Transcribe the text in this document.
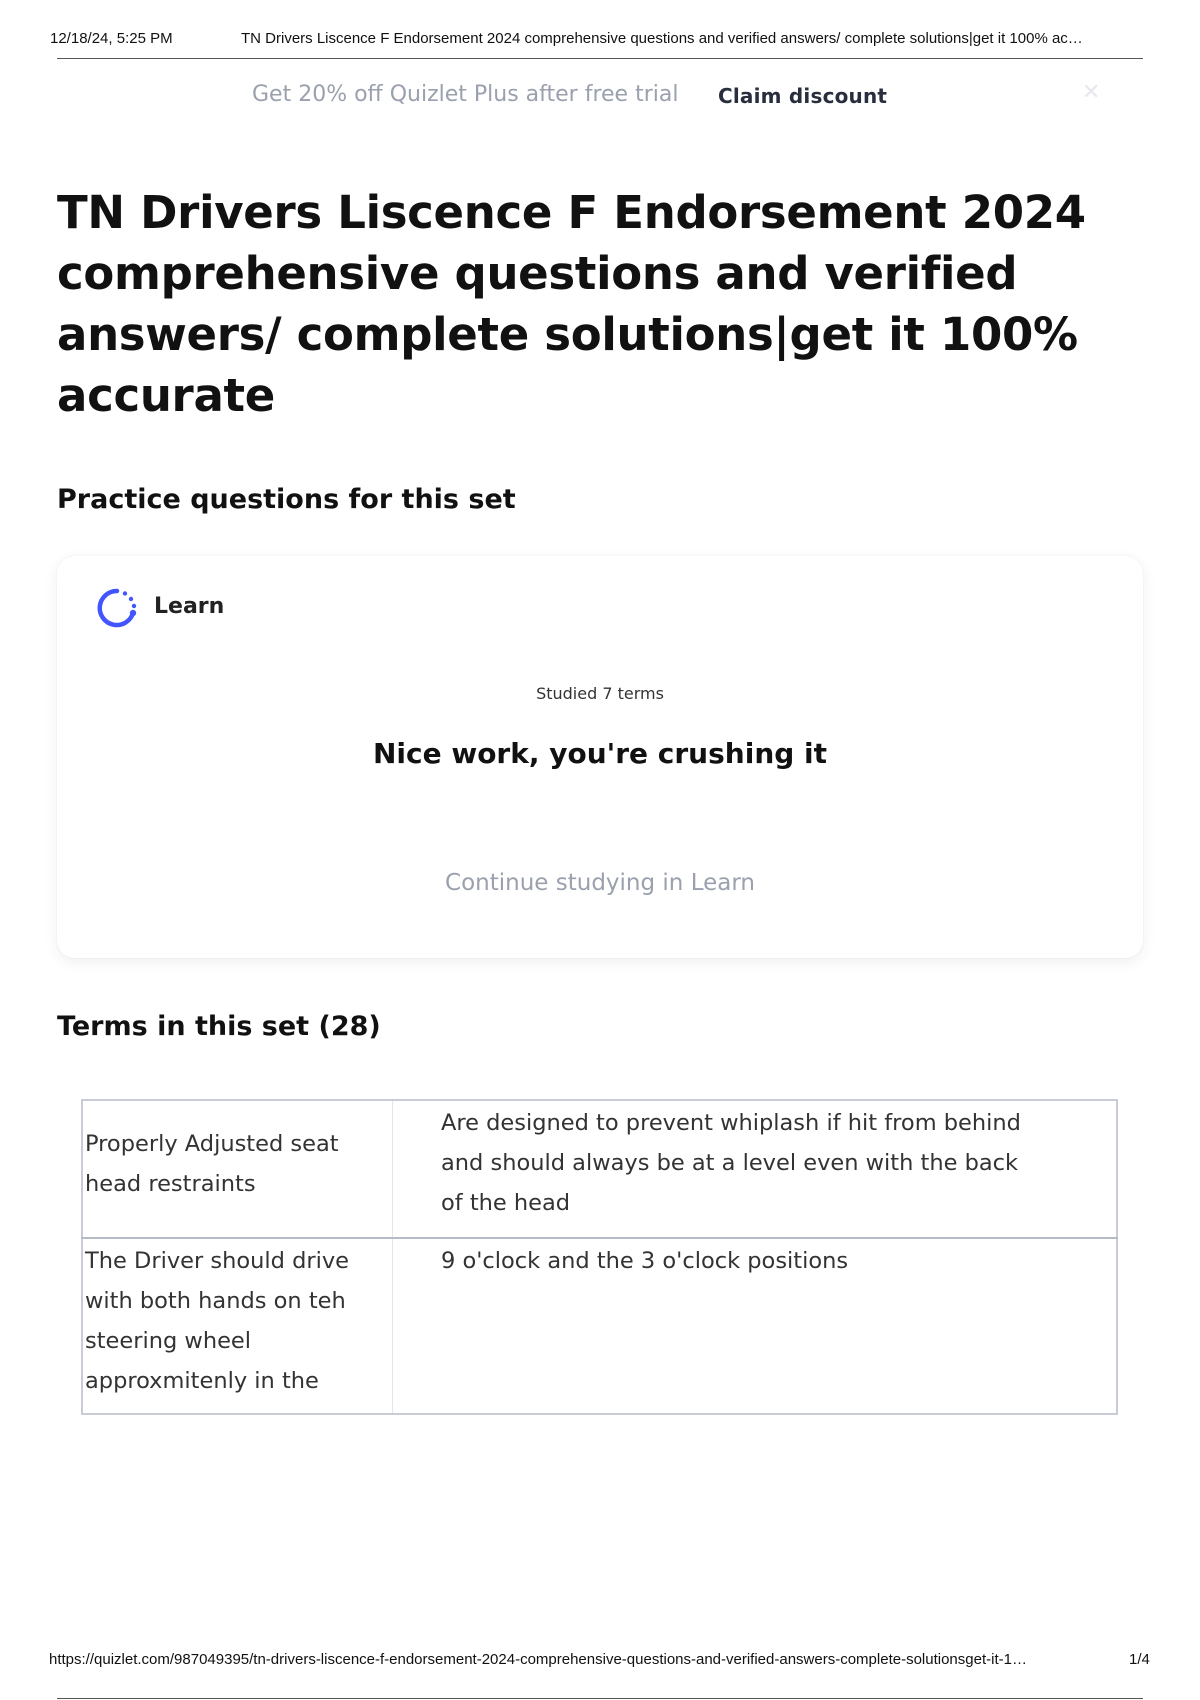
12/18/24, 5:25 PM	TN Drivers Liscence F Endorsement 2024 comprehensive questions and verified answers/ complete solutions|get it 100% ac…
Get 20% off Quizlet Plus after free trial Claim discount	✕
TN Drivers Liscence F Endorsement 2024 comprehensive questions and verified answers/ complete solutions|get it 100% accurate
Practice questions for this set
Learn
Studied 7 terms
Nice work, you're crushing it
Continue studying in Learn
Terms in this set (28)
Properly Adjusted seat head restraints	Are designed to prevent whiplash if hit from behind and should always be at a level even with the back of the head

The Driver should drive with both hands on teh steering wheel approxmitenly in the	9 o'clock and the 3 o'clock positions
https://quizlet.com/987049395/tn-drivers-liscence-f-endorsement-2024-comprehensive-questions-and-verified-answers-complete-solutionsget-it-1…	1/4
